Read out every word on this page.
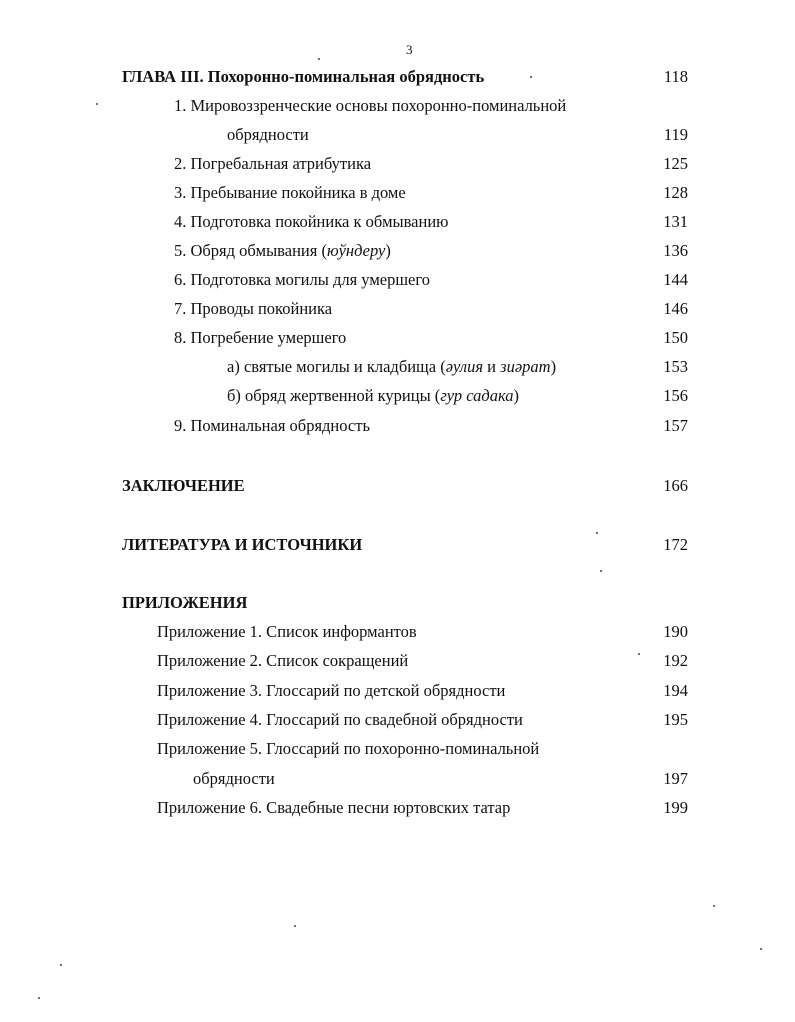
3
ГЛАВА III. Похоронно-поминальная обрядность	118
1. Мировоззренческие основы похоронно-поминальной
обрядности	119
2. Погребальная атрибутика	125
3. Пребывание покойника в доме	128
4. Подготовка покойника к обмыванию	131
5. Обряд обмывания (юўндеру)	136
6. Подготовка могилы для умершего	144
7. Проводы покойника	146
8. Погребение умершего	150
а) святые могилы и кладбища (әулия и зиәрат)	153
б) обряд жертвенной курицы (гур садака)	156
9. Поминальная обрядность	157
ЗАКЛЮЧЕНИЕ	166
ЛИТЕРАТУРА И ИСТОЧНИКИ	172
ПРИЛОЖЕНИЯ
Приложение 1. Список информантов	190
Приложение 2. Список сокращений	192
Приложение 3. Глоссарий по детской обрядности	194
Приложение 4. Глоссарий по свадебной обрядности	195
Приложение 5. Глоссарий по похоронно-поминальной
обрядности	197
Приложение 6. Свадебные песни юртовских татар	199
